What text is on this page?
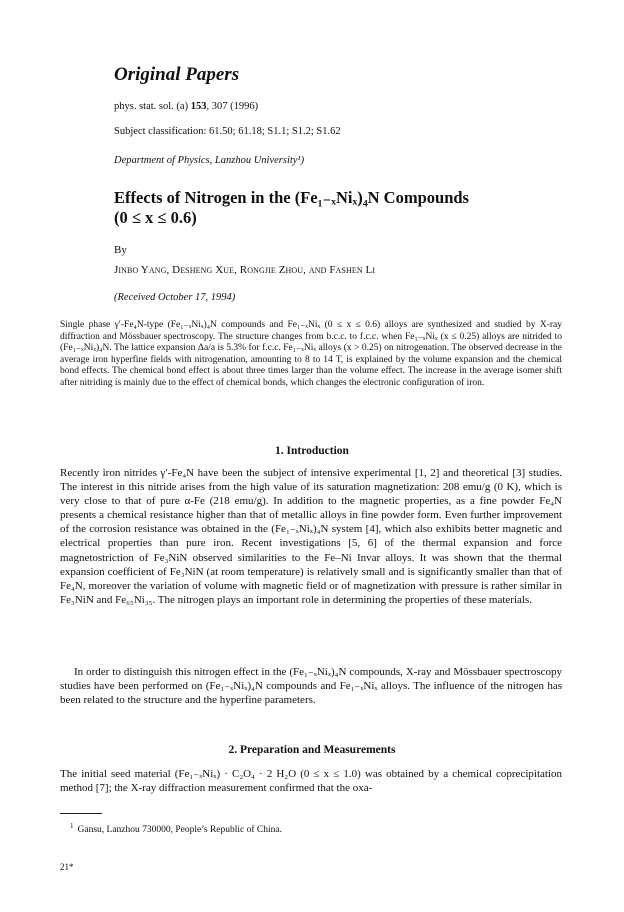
Original Papers
phys. stat. sol. (a) 153, 307 (1996)
Subject classification: 61.50; 61.18; S1.1; S1.2; S1.62
Department of Physics, Lanzhou University¹)
Effects of Nitrogen in the (Fe₁₋ₓNiₓ)₄N Compounds
(0 ≤ x ≤ 0.6)
By
Jinbo Yang, Desheng Xue, Rongjie Zhou, and Fashen Li
(Received October 17, 1994)

Single phase γ′-Fe₄N-type (Fe₁₋ₓNiₓ)₄N compounds and Fe₁₋ₓNiₓ (0 ≤ x ≤ 0.6) alloys are synthesized and studied by X-ray diffraction and Mössbauer spectroscopy. The structure changes from b.c.c. to f.c.c. when Fe₁₋ₓNiₓ (x ≤ 0.25) alloys are nitrided to (Fe₁₋ₓNiₓ)₄N. The lattice expansion Δa/a is 5.3% for f.c.c. Fe₁₋ₓNiₓ alloys (x > 0.25) on nitrogenation. The observed decrease in the average iron hyperfine fields with nitrogenation, amounting to 8 to 14 T, is explained by the volume expansion and the chemical bond effects. The chemical bond effect is about three times larger than the volume effect. The increase in the average isomer shift after nitriding is mainly due to the effect of chemical bonds, which changes the electronic configuration of iron.

1. Introduction

Recently iron nitrides γ′-Fe₄N have been the subject of intensive experimental [1, 2] and theoretical [3] studies. The interest in this nitride arises from the high value of its saturation magnetization: 208 emu/g (0 K), which is very close to that of pure α-Fe (218 emu/g). In addition to the magnetic properties, as a fine powder Fe₄N presents a chemical resistance higher than that of metallic alloys in fine powder form. Even further improvement of the corrosion resistance was obtained in the (Fe₁₋ₓNiₓ)₄N system [4], which also exhibits better magnetic and electrical properties than pure iron. Recent investigations [5, 6] of the thermal expansion and force magnetostriction of Fe₃NiN observed similarities to the Fe–Ni Invar alloys. It was shown that the thermal expansion coefficient of Fe₃NiN (at room temperature) is relatively small and is significantly smaller than that of Fe₄N, moreover the variation of volume with magnetic field or of magnetization with pressure is rather similar in Fe₃NiN and Fe₆₅Ni₃₅. The nitrogen plays an important role in determining the properties of these materials.

In order to distinguish this nitrogen effect in the (Fe₁₋ₓNiₓ)₄N compounds, X-ray and Mössbauer spectroscopy studies have been performed on (Fe₁₋ₓNiₓ)₄N compounds and Fe₁₋ₓNiₓ alloys. The influence of the nitrogen has been related to the structure and the hyperfine parameters.

2. Preparation and Measurements

The initial seed material (Fe₁₋ₓNiₓ) · C₂O₄ · 2 H₂O (0 ≤ x ≤ 1.0) was obtained by a chemical coprecipitation method [7]; the X-ray diffraction measurement confirmed that the oxa-

$^1$ Gansu, Lanzhou 730000, People’s Republic of China.
21*
